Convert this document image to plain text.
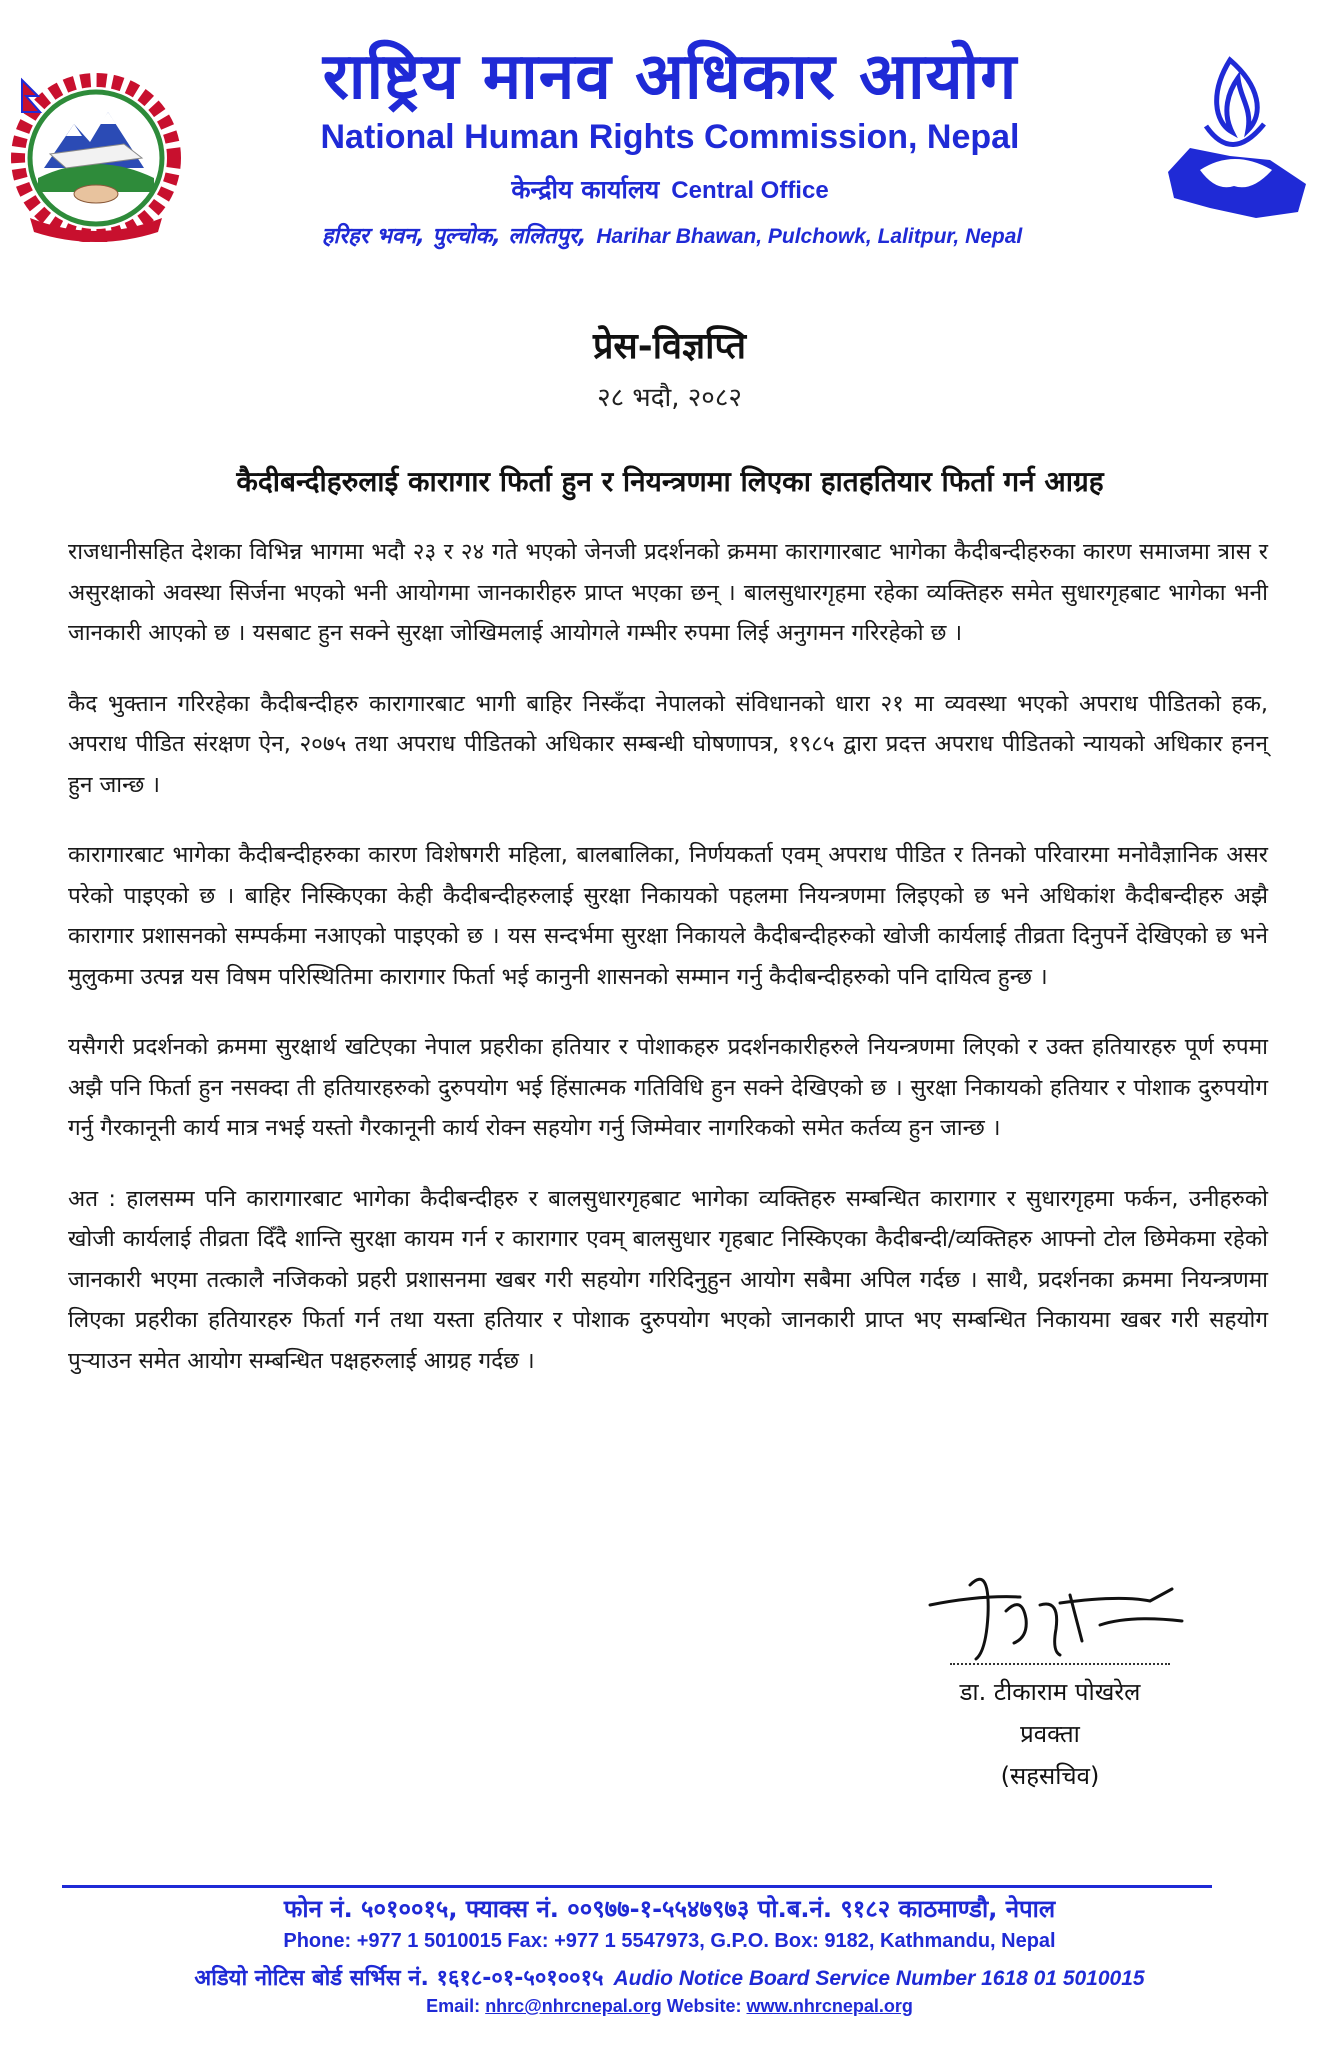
राष्ट्रिय मानव अधिकार आयोग
National Human Rights Commission, Nepal
केन्द्रीय कार्यालय Central Office
हरिहर भवन, पुल्चोक, ललितपुर, Harihar Bhawan, Pulchowk, Lalitpur, Nepal
प्रेस-विज्ञप्ति
२८ भदौ, २०८२
कैदीबन्दीहरुलाई कारागार फिर्ता हुन र नियन्त्रणमा लिएका हातहतियार फिर्ता गर्न आग्रह

राजधानीसहित देशका विभिन्न भागमा भदौ २३ र २४ गते भएको जेनजी प्रदर्शनको क्रममा कारागारबाट भागेका कैदीबन्दीहरुका कारण समाजमा त्रास र असुरक्षाको अवस्था सिर्जना भएको भनी आयोगमा जानकारीहरु प्राप्त भएका छन् । बालसुधारगृहमा रहेका व्यक्तिहरु समेत सुधारगृहबाट भागेका भनी जानकारी आएको छ । यसबाट हुन सक्ने सुरक्षा जोखिमलाई आयोगले गम्भीर रुपमा लिई अनुगमन गरिरहेको छ ।

कैद भुक्तान गरिरहेका कैदीबन्दीहरु कारागारबाट भागी बाहिर निस्कँदा नेपालको संविधानको धारा २१ मा व्यवस्था भएको अपराध पीडितको हक, अपराध पीडित संरक्षण ऐन, २०७५ तथा अपराध पीडितको अधिकार सम्बन्धी घोषणापत्र, १९८५ द्वारा प्रदत्त अपराध पीडितको न्यायको अधिकार हनन् हुन जान्छ ।

कारागारबाट भागेका कैदीबन्दीहरुका कारण विशेषगरी महिला, बालबालिका, निर्णयकर्ता एवम् अपराध पीडित र तिनको परिवारमा मनोवैज्ञानिक असर परेको पाइएको छ । बाहिर निस्किएका केही कैदीबन्दीहरुलाई सुरक्षा निकायको पहलमा नियन्त्रणमा लिइएको छ भने अधिकांश कैदीबन्दीहरु अझै कारागार प्रशासनको सम्पर्कमा नआएको पाइएको छ । यस सन्दर्भमा सुरक्षा निकायले कैदीबन्दीहरुको खोजी कार्यलाई तीव्रता दिनुपर्ने देखिएको छ भने मुलुकमा उत्पन्न यस विषम परिस्थितिमा कारागार फिर्ता भई कानुनी शासनको सम्मान गर्नु कैदीबन्दीहरुको पनि दायित्व हुन्छ ।

यसैगरी प्रदर्शनको क्रममा सुरक्षार्थ खटिएका नेपाल प्रहरीका हतियार र पोशाकहरु प्रदर्शनकारीहरुले नियन्त्रणमा लिएको र उक्त हतियारहरु पूर्ण रुपमा अझै पनि फिर्ता हुन नसक्दा ती हतियारहरुको दुरुपयोग भई हिंसात्मक गतिविधि हुन सक्ने देखिएको छ । सुरक्षा निकायको हतियार र पोशाक दुरुपयोग गर्नु गैरकानूनी कार्य मात्र नभई यस्तो गैरकानूनी कार्य रोक्न सहयोग गर्नु जिम्मेवार नागरिकको समेत कर्तव्य हुन जान्छ ।

अत : हालसम्म पनि कारागारबाट भागेका कैदीबन्दीहरु र बालसुधारगृहबाट भागेका व्यक्तिहरु सम्बन्धित कारागार र सुधारगृहमा फर्कन, उनीहरुको खोजी कार्यलाई तीव्रता दिँदै शान्ति सुरक्षा कायम गर्न र कारागार एवम् बालसुधार गृहबाट निस्किएका कैदीबन्दी/व्यक्तिहरु आफ्नो टोल छिमेकमा रहेको जानकारी भएमा तत्कालै नजिकको प्रहरी प्रशासनमा खबर गरी सहयोग गरिदिनुहुन आयोग सबैमा अपिल गर्दछ । साथै, प्रदर्शनका क्रममा नियन्त्रणमा लिएका प्रहरीका हतियारहरु फिर्ता गर्न तथा यस्ता हतियार र पोशाक दुरुपयोग भएको जानकारी प्राप्त भए सम्बन्धित निकायमा खबर गरी सहयोग पुऱ्याउन समेत आयोग सम्बन्धित पक्षहरुलाई आग्रह गर्दछ ।

डा. टीकाराम पोखरेल
प्रवक्ता
(सहसचिव)
फोन नं. ५०१००१५, फ्याक्स नं. ००९७७-१-५५४७९७३ पो.ब.नं. ९१८२ काठमाण्डौ, नेपाल
Phone: +977 1 5010015 Fax: +977 1 5547973, G.P.O. Box: 9182, Kathmandu, Nepal
अडियो नोटिस बोर्ड सर्भिस नं. १६१८-०१-५०१००१५ Audio Notice Board Service Number 1618 01 5010015
Email: nhrc@nhrcnepal.org Website: www.nhrcnepal.org
